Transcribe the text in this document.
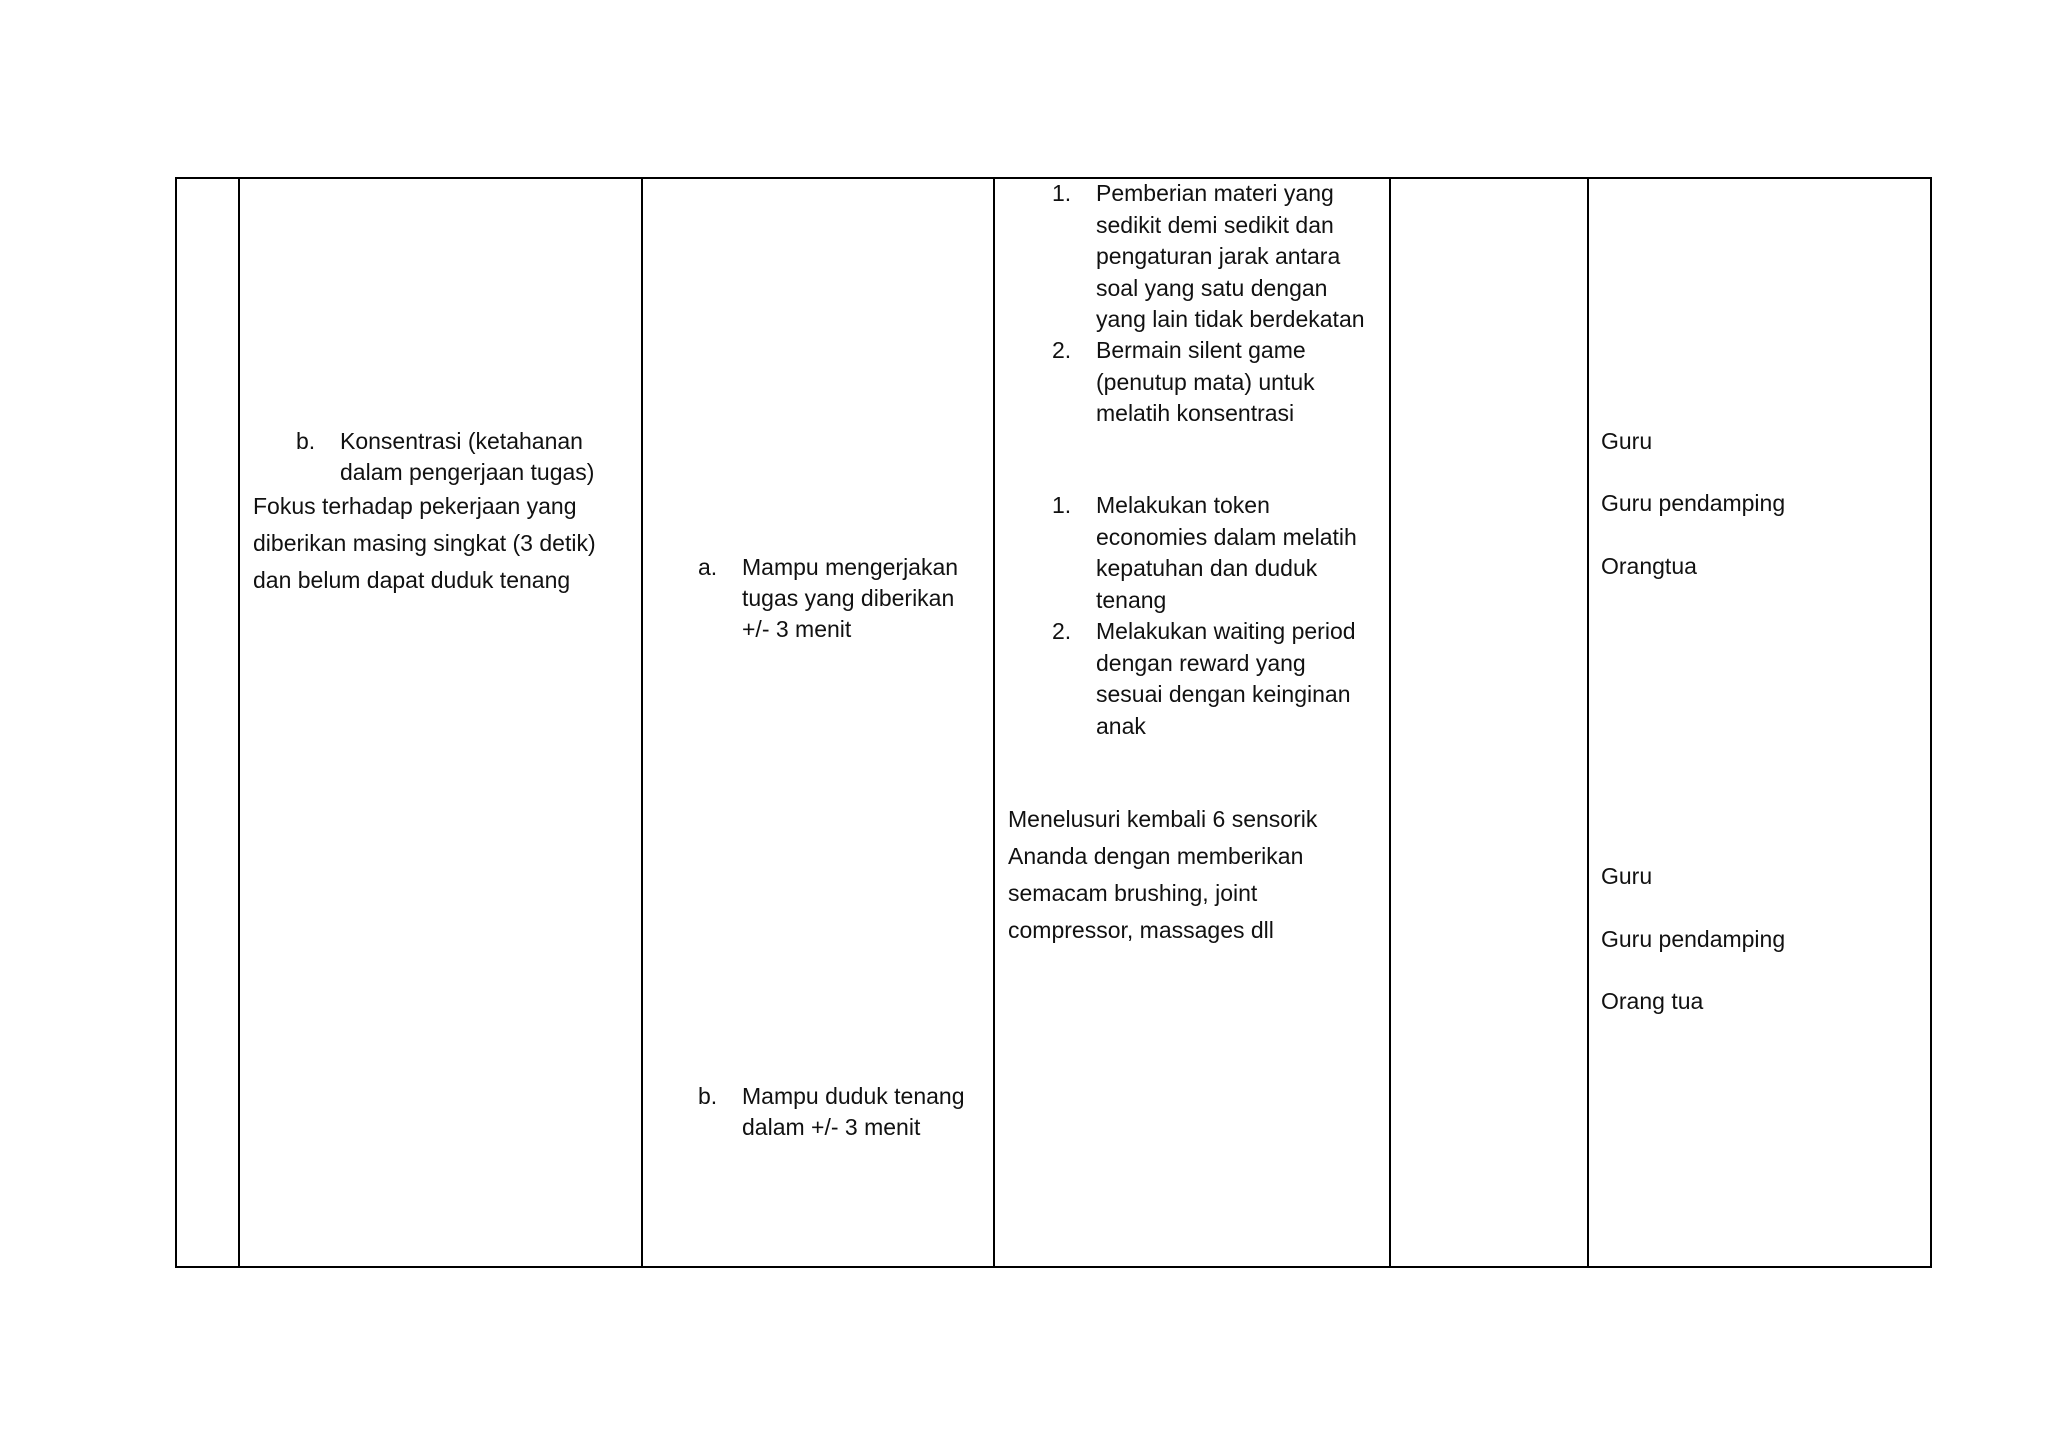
b. Konsentrasi (ketahanan
dalam pengerjaan tugas)
Fokus terhadap pekerjaan yang
diberikan masing singkat (3 detik)
dan belum dapat duduk tenang	a. Mampu mengerjakan
tugas yang diberikan
+/- 3 menit
b. Mampu duduk tenang
dalam +/- 3 menit
1. Pemberian materi yang
sedikit demi sedikit dan
pengaturan jarak antara
soal yang satu dengan
yang lain tidak berdekatan
2. Bermain silent game
(penutup mata) untuk
melatih konsentrasi
1. Melakukan token
economies dalam melatih
kepatuhan dan duduk
tenang
2. Melakukan waiting period
dengan reward yang
sesuai dengan keinginan
anak
Menelusuri kembali 6 sensorik
Ananda dengan memberikan
semacam brushing, joint
compressor, massages dll
Guru
Guru pendamping
Orangtua
Guru
Guru pendamping
Orang tua
